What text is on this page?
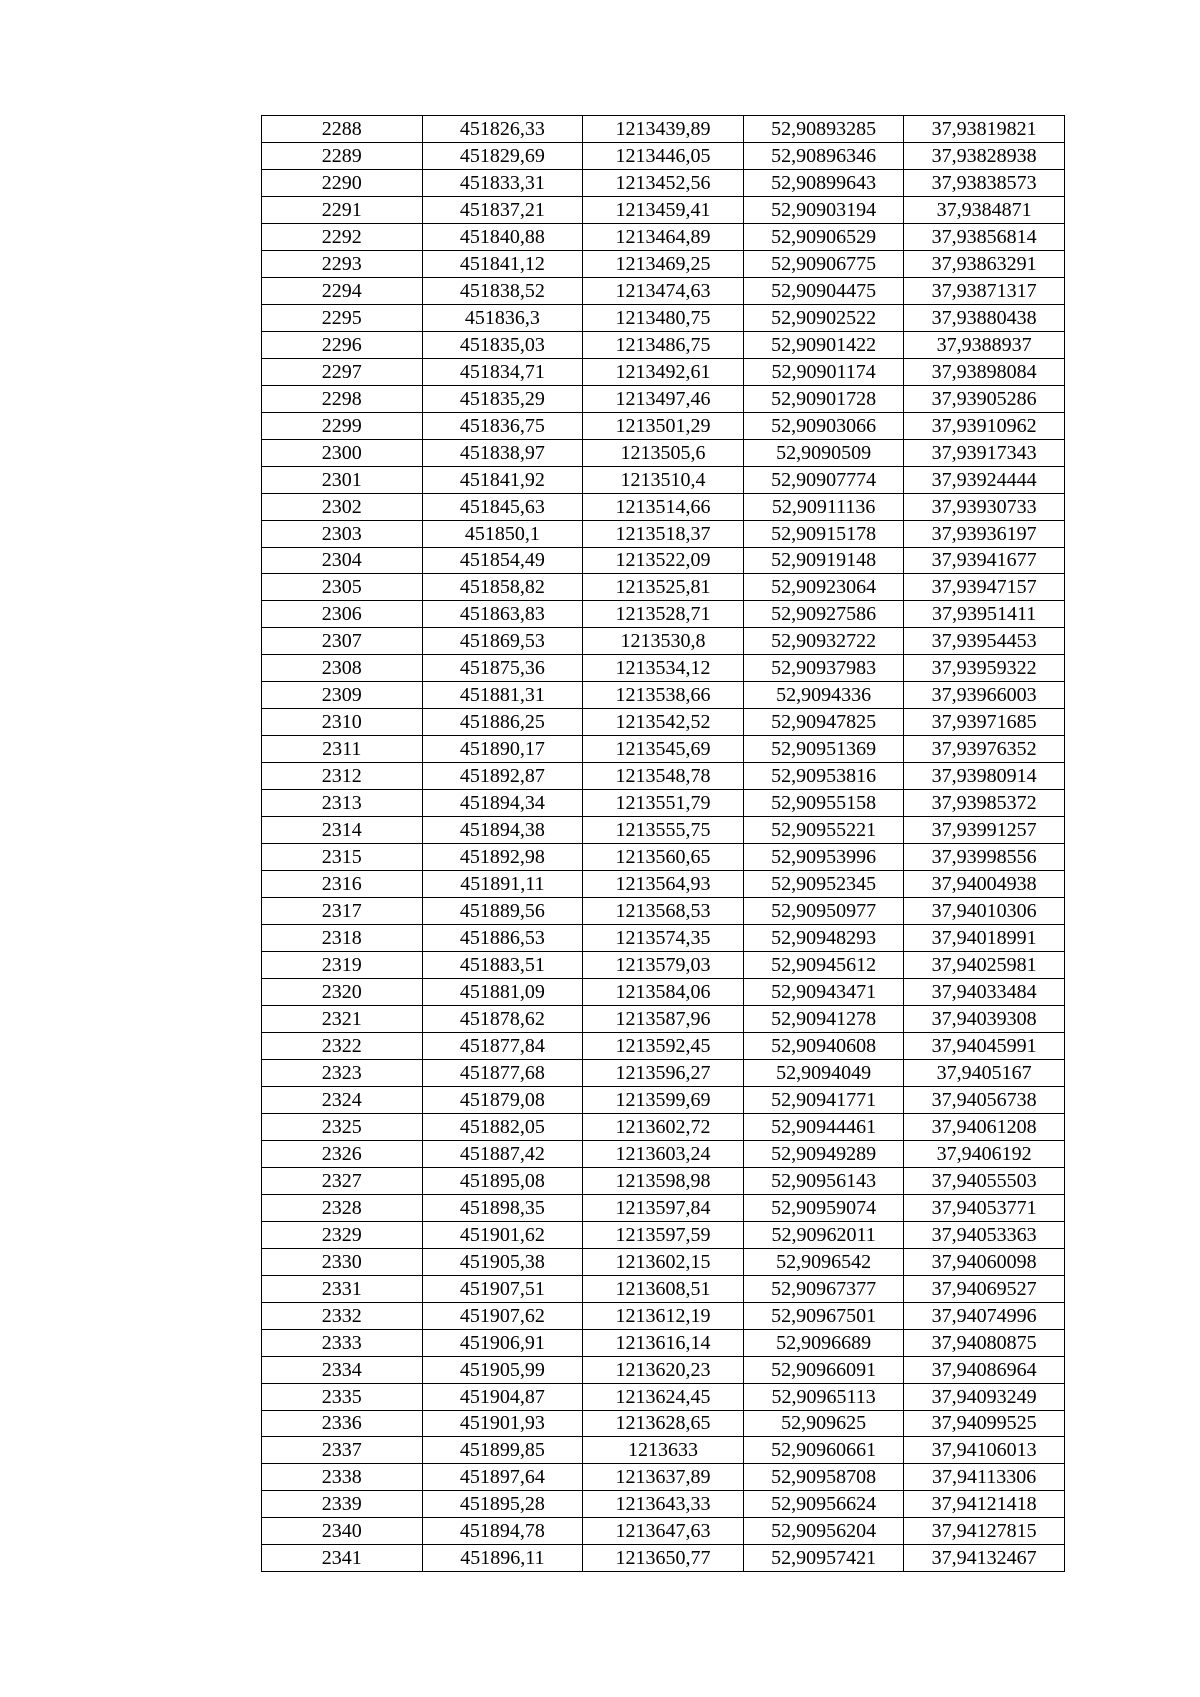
2288	451826,33	1213439,89	52,90893285	37,93819821
2289	451829,69	1213446,05	52,90896346	37,93828938
2290	451833,31	1213452,56	52,90899643	37,93838573
2291	451837,21	1213459,41	52,90903194	37,9384871
2292	451840,88	1213464,89	52,90906529	37,93856814
2293	451841,12	1213469,25	52,90906775	37,93863291
2294	451838,52	1213474,63	52,90904475	37,93871317
2295	451836,3	1213480,75	52,90902522	37,93880438
2296	451835,03	1213486,75	52,90901422	37,9388937
2297	451834,71	1213492,61	52,90901174	37,93898084
2298	451835,29	1213497,46	52,90901728	37,93905286
2299	451836,75	1213501,29	52,90903066	37,93910962
2300	451838,97	1213505,6	52,9090509	37,93917343
2301	451841,92	1213510,4	52,90907774	37,93924444
2302	451845,63	1213514,66	52,90911136	37,93930733
2303	451850,1	1213518,37	52,90915178	37,93936197
2304	451854,49	1213522,09	52,90919148	37,93941677
2305	451858,82	1213525,81	52,90923064	37,93947157
2306	451863,83	1213528,71	52,90927586	37,93951411
2307	451869,53	1213530,8	52,90932722	37,93954453
2308	451875,36	1213534,12	52,90937983	37,93959322
2309	451881,31	1213538,66	52,9094336	37,93966003
2310	451886,25	1213542,52	52,90947825	37,93971685
2311	451890,17	1213545,69	52,90951369	37,93976352
2312	451892,87	1213548,78	52,90953816	37,93980914
2313	451894,34	1213551,79	52,90955158	37,93985372
2314	451894,38	1213555,75	52,90955221	37,93991257
2315	451892,98	1213560,65	52,90953996	37,93998556
2316	451891,11	1213564,93	52,90952345	37,94004938
2317	451889,56	1213568,53	52,90950977	37,94010306
2318	451886,53	1213574,35	52,90948293	37,94018991
2319	451883,51	1213579,03	52,90945612	37,94025981
2320	451881,09	1213584,06	52,90943471	37,94033484
2321	451878,62	1213587,96	52,90941278	37,94039308
2322	451877,84	1213592,45	52,90940608	37,94045991
2323	451877,68	1213596,27	52,9094049	37,9405167
2324	451879,08	1213599,69	52,90941771	37,94056738
2325	451882,05	1213602,72	52,90944461	37,94061208
2326	451887,42	1213603,24	52,90949289	37,9406192
2327	451895,08	1213598,98	52,90956143	37,94055503
2328	451898,35	1213597,84	52,90959074	37,94053771
2329	451901,62	1213597,59	52,90962011	37,94053363
2330	451905,38	1213602,15	52,9096542	37,94060098
2331	451907,51	1213608,51	52,90967377	37,94069527
2332	451907,62	1213612,19	52,90967501	37,94074996
2333	451906,91	1213616,14	52,9096689	37,94080875
2334	451905,99	1213620,23	52,90966091	37,94086964
2335	451904,87	1213624,45	52,90965113	37,94093249
2336	451901,93	1213628,65	52,909625	37,94099525
2337	451899,85	1213633	52,90960661	37,94106013
2338	451897,64	1213637,89	52,90958708	37,94113306
2339	451895,28	1213643,33	52,90956624	37,94121418
2340	451894,78	1213647,63	52,90956204	37,94127815
2341	451896,11	1213650,77	52,90957421	37,94132467
